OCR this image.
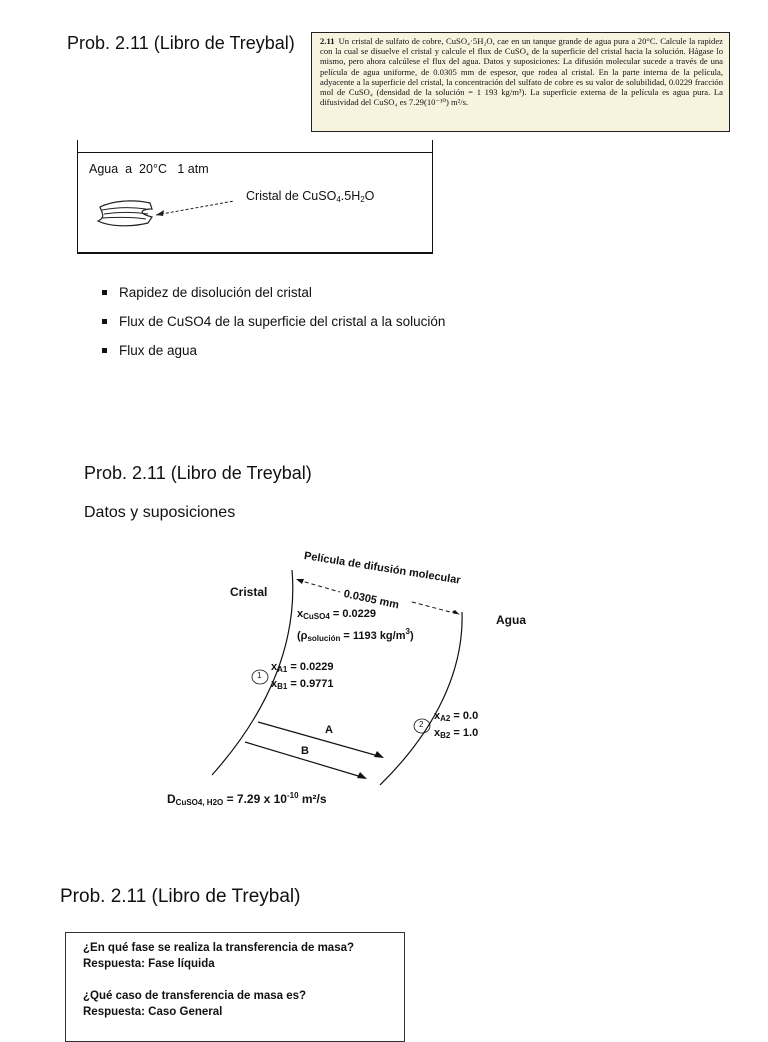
Prob. 2.11 (Libro de Treybal)	2.11 Un cristal de sulfato de cobre, CuSO₄·5H₂O, cae en un tanque grande de agua pura a 20°C. Calcule la rapidez con la cual se disuelve el cristal y calcule el flux de CuSO₄ de la superficie del cristal hacia la solución. Hágase lo mismo, pero ahora calcúlese el flux del agua. Datos y suposiciones: La difusión molecular sucede a través de una película de agua uniforme, de 0.0305 mm de espesor, que rodea al cristal. En la parte interna de la película, adyacente a la superficie del cristal, la concentración del sulfato de cobre es su valor de solubilidad, 0.0229 fracción mol de CuSO₄ (densidad de la solución = 1 193 kg/m³). La superficie externa de la película es agua pura. La difusividad del CuSO₄ es 7.29(10⁻¹⁰) m²/s.
Agua  a  20°C   1 atm
Cristal de $CuSO_4.5H_2O$
Rapidez de disolución del cristal
Flux de CuSO4 de la superficie del cristal a la solución
Flux de agua
Prob. 2.11 (Libro de Treybal)
Datos y suposiciones
Película de difusión molecular
0.0305 mm
Cristal
Agua
$x_{CuSO4} = 0.0229$
($\rho_{solución} = 1193$ $kg/m^3$)
1
$x_{A1} = 0.0229$
$x_{B1} = 0.9771$
2
$x_{A2} = 0.0$
$x_{B2} = 1.0$
A
B
$D_{CuSO4, H2O} = 7.29$ x $10^{-10}$ m²/s
Prob. 2.11 (Libro de Treybal)
¿En qué fase se realiza la transferencia de masa?
Respuesta: Fase líquida
¿Qué caso de transferencia de masa es?
Respuesta: Caso General
